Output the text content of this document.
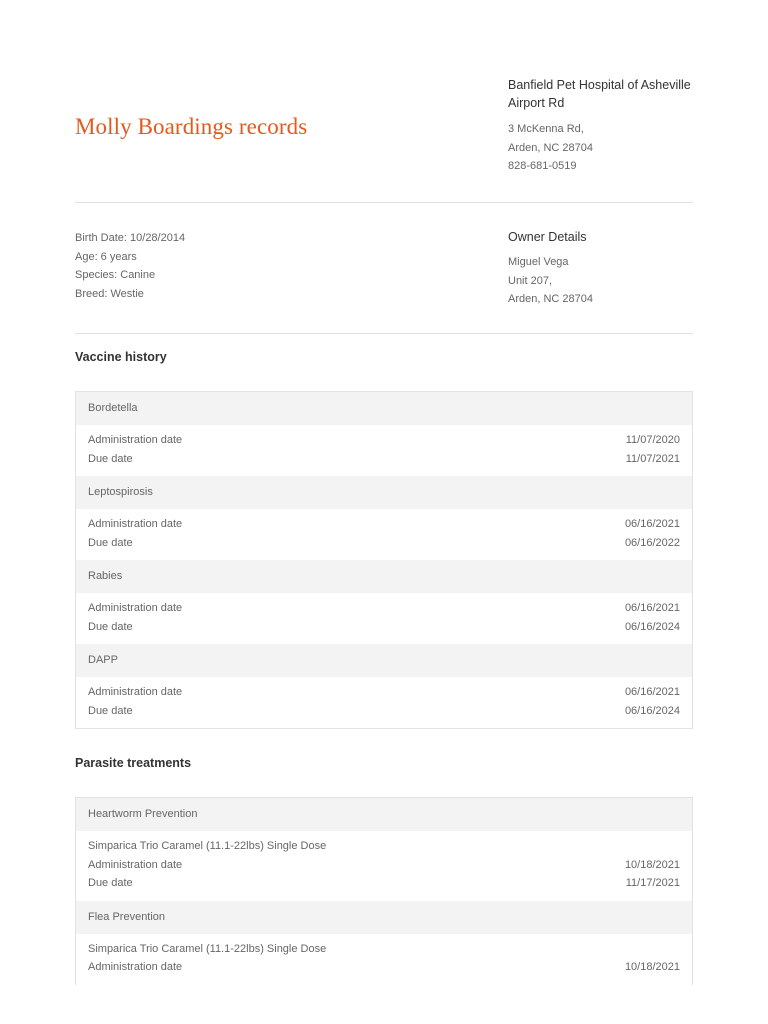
Molly Boardings records
Banfield Pet Hospital of Asheville Airport Rd
3 McKenna Rd,
Arden, NC 28704
828-681-0519
Birth Date: 10/28/2014
Age: 6 years
Species: Canine
Breed: Westie
Owner Details
Miguel Vega
Unit 207,
Arden, NC 28704
Vaccine history
Bordetella
Administration date	11/07/2020
Due date	11/07/2021
Leptospirosis
Administration date	06/16/2021
Due date	06/16/2022
Rabies
Administration date	06/16/2021
Due date	06/16/2024
DAPP
Administration date	06/16/2021
Due date	06/16/2024
Parasite treatments
Heartworm Prevention
Simparica Trio Caramel (11.1-22lbs) Single Dose
Administration date	10/18/2021
Due date	11/17/2021
Flea Prevention
Simparica Trio Caramel (11.1-22lbs) Single Dose
Administration date	10/18/2021
